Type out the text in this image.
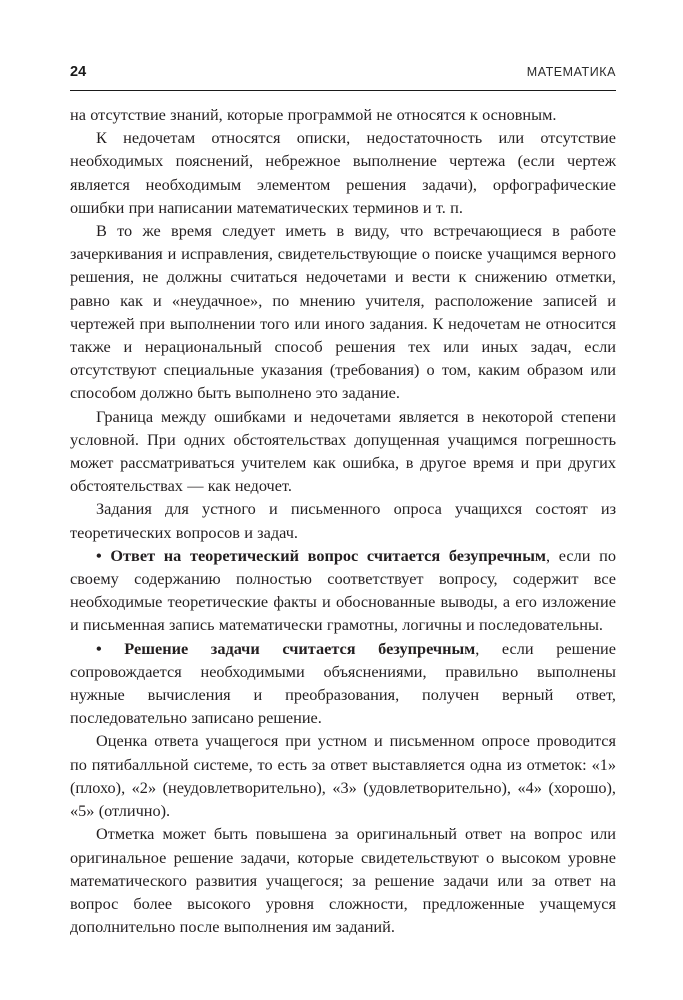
24	МАТЕМАТИКА

на отсутствие знаний, которые программой не относятся к основным.

К недочетам относятся описки, недостаточность или отсутствие необходимых пояснений, небрежное выполнение чертежа (если чертеж является необходимым элементом решения задачи), орфографические ошибки при написании математических терминов и т. п.

В то же время следует иметь в виду, что встречающиеся в работе зачеркивания и исправления, свидетельствующие о поиске учащимся верного решения, не должны считаться недочетами и вести к снижению отметки, равно как и «неудачное», по мнению учителя, расположение записей и чертежей при выполнении того или иного задания. К недочетам не относится также и нерациональный способ решения тех или иных задач, если отсутствуют специальные указания (требования) о том, каким образом или способом должно быть выполнено это задание.

Граница между ошибками и недочетами является в некоторой степени условной. При одних обстоятельствах допущенная учащимся погрешность может рассматриваться учителем как ошибка, в другое время и при других обстоятельствах — как недочет.

Задания для устного и письменного опроса учащихся состоят из теоретических вопросов и задач.

• Ответ на теоретический вопрос считается безупречным, если по своему содержанию полностью соответствует вопросу, содержит все необходимые теоретические факты и обоснованные выводы, а его изложение и письменная запись математически грамотны, логичны и последовательны.

• Решение задачи считается безупречным, если решение сопровождается необходимыми объяснениями, правильно выполнены нужные вычисления и преобразования, получен верный ответ, последовательно записано решение.

Оценка ответа учащегося при устном и письменном опросе проводится по пятибалльной системе, то есть за ответ выставляется одна из отметок: «1» (плохо), «2» (неудовлетворительно), «3» (удовлетворительно), «4» (хорошо), «5» (отлично).

Отметка может быть повышена за оригинальный ответ на вопрос или оригинальное решение задачи, которые свидетельствуют о высоком уровне математического развития учащегося; за решение задачи или за ответ на вопрос более высокого уровня сложности, предложенные учащемуся дополнительно после выполнения им заданий.
